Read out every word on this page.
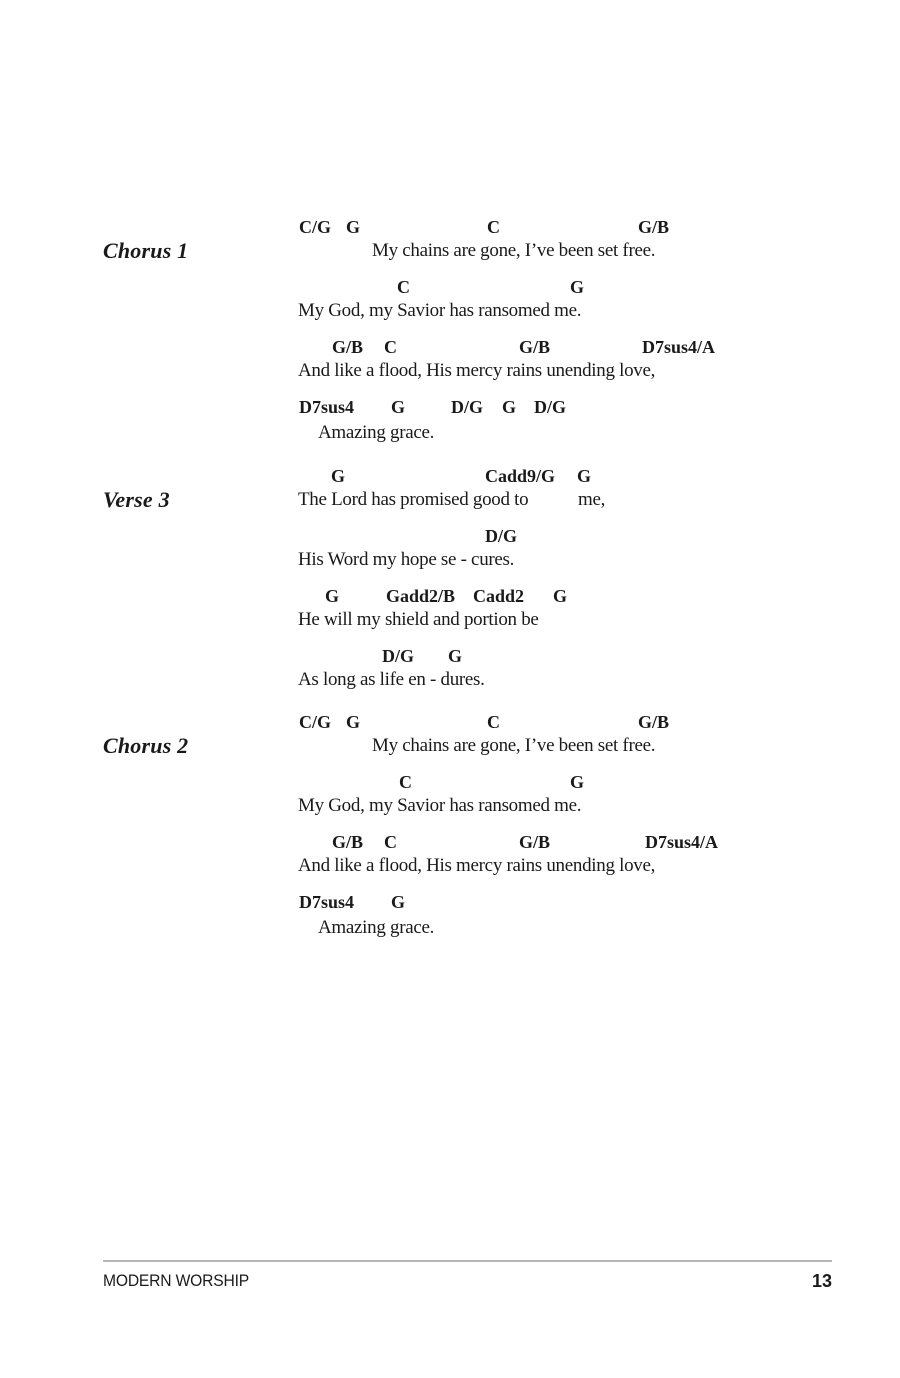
Chorus 1
Verse 3
Chorus 2
C/G G	C	G/B
My chains are gone, I’ve been set free.
C	G
My God, my Savior has ransomed me.
G/B C	G/B	D7sus4/A
And like a flood, His mercy rains unending love,
D7sus4 G	D/G G D/G
Amazing grace.
G	Cadd9/G G
The Lord has promised good to	me,
D/G
His Word my hope se - cures.
G	Gadd2/B Cadd2 G
He will my shield and portion be
D/G G
As long as life en - dures.
C/G G	C	G/B
My chains are gone, I’ve been set free.
C	G
My God, my Savior has ransomed me.
G/B C	G/B	D7sus4/A
And like a flood, His mercy rains unending love,
D7sus4 G
Amazing grace.
MODERN WORSHIP	13
